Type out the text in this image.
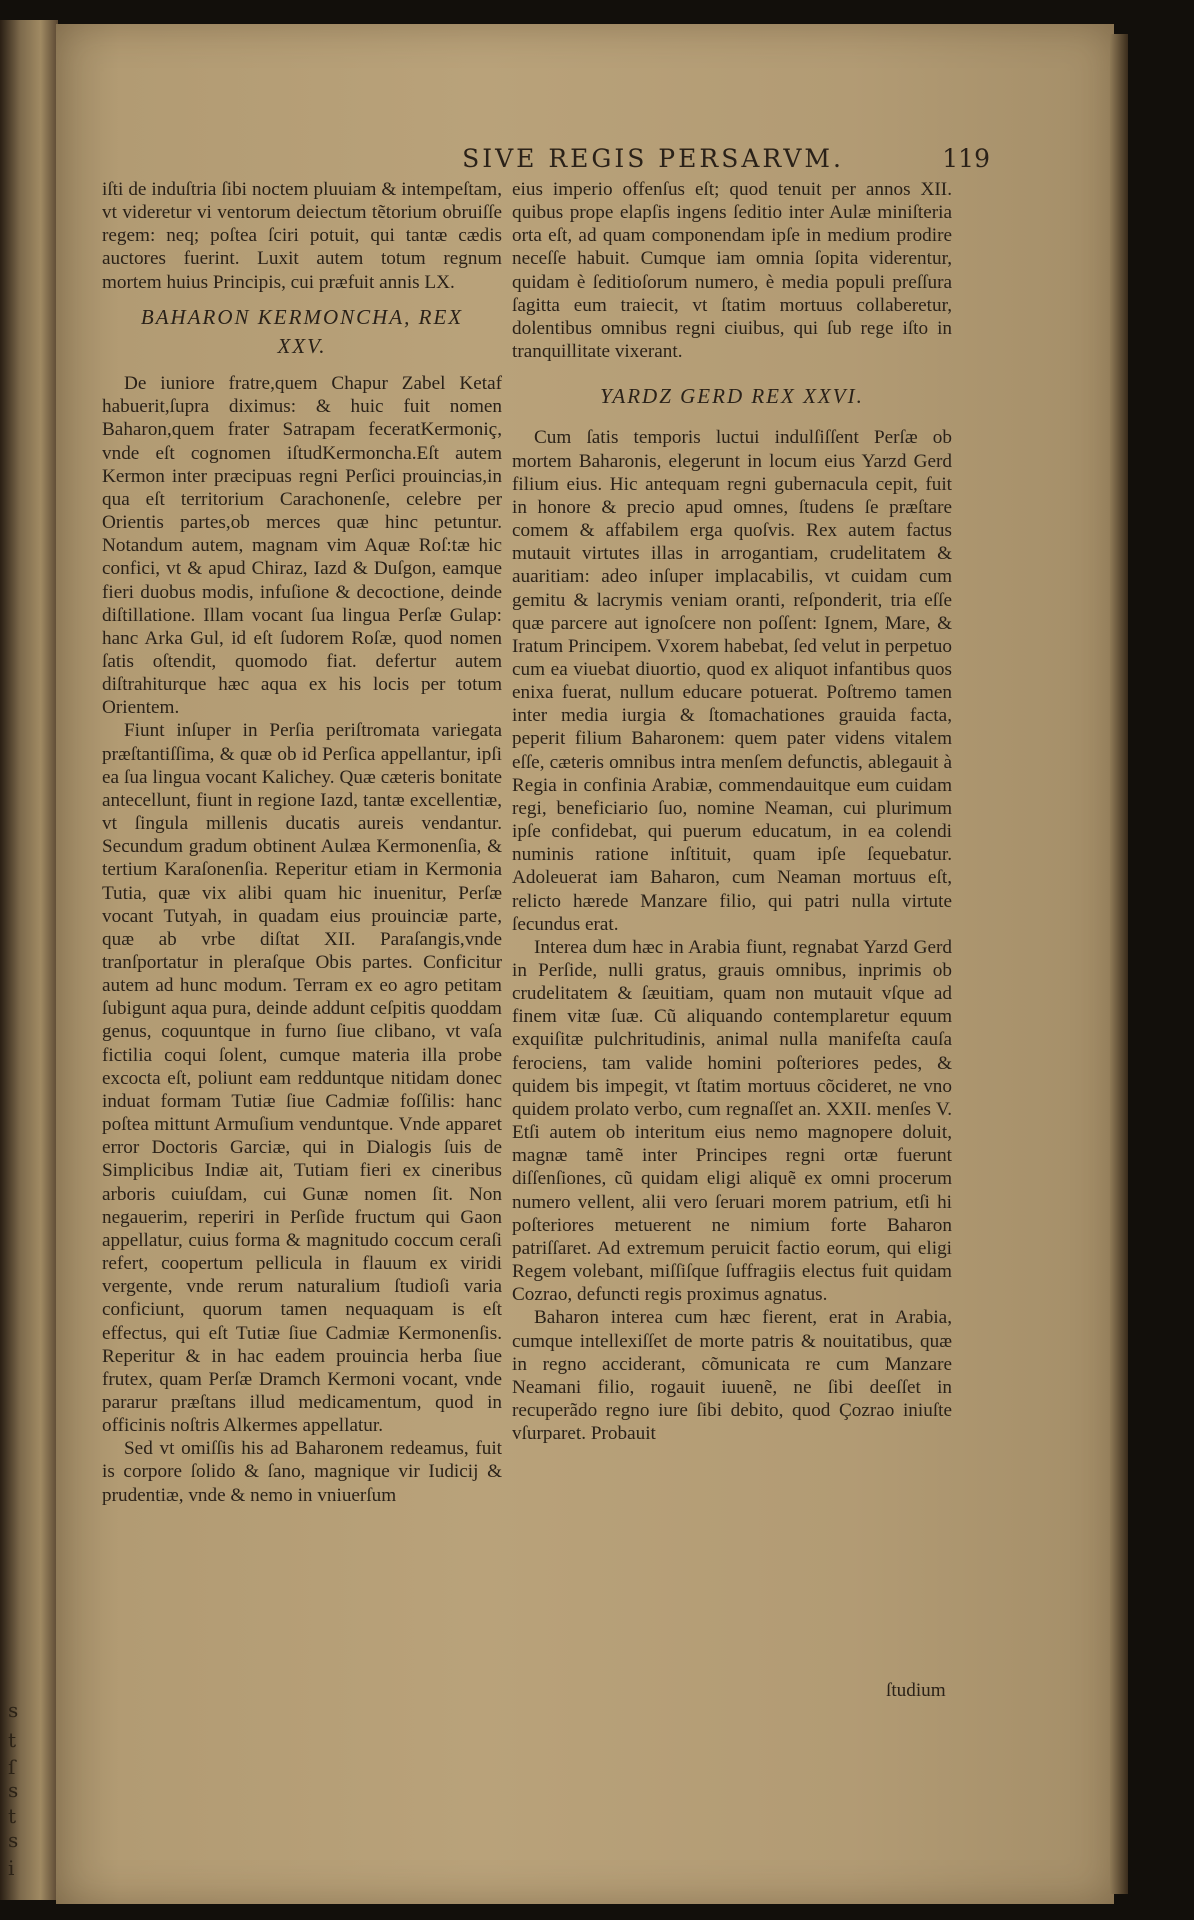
s
t
ſ
s
t
s
i
SIVE REGIS PERSARVM.	119

iſti de induſtria ſibi noctem pluuiam & intempeſtam, vt videretur vi ventorum deiectum tẽtorium obruiſſe regem: neq; poſtea ſciri potuit, qui tantæ cædis auctores fuerint. Luxit autem totum regnum mortem huius Principis, cui præfuit annis LX.

BAHARON KERMONCHA, REX
XXV.

De iuniore fratre,quem Chapur Zabel Ketaf habuerit,ſupra diximus: & huic fuit nomen Baharon,quem frater Satrapam feceratKermoniç, vnde eſt cognomen iſtudKermoncha.Eſt autem Kermon inter præcipuas regni Perſici prouincias,in qua eſt territorium Carachonenſe, celebre per Orientis partes,ob merces quæ hinc petuntur. Notandum autem, magnam vim Aquæ Roſ:tæ hic confici, vt & apud Chiraz, Iazd & Duſgon, eamque fieri duobus modis, infuſione & decoctione, deinde diſtillatione. Illam vocant ſua lingua Perſæ Gulap: hanc Arka Gul, id eſt ſudorem Roſæ, quod nomen ſatis oſtendit, quomodo fiat. defertur autem diſtrahiturque hæc aqua ex his locis per totum Orientem.

Fiunt inſuper in Perſia periſtromata variegata præſtantiſſima, & quæ ob id Perſica appellantur, ipſi ea ſua lingua vocant Kalichey. Quæ cæteris bonitate antecellunt, fiunt in regione Iazd, tantæ excellentiæ, vt ſingula millenis ducatis aureis vendantur. Secundum gradum obtinent Aulæa Kermonenſia, & tertium Karaſonenſia. Reperitur etiam in Kermonia Tutia, quæ vix alibi quam hic inuenitur, Perſæ vocant Tutyah, in quadam eius prouinciæ parte, quæ ab vrbe diſtat XII. Paraſangis,vnde tranſportatur in pleraſque Obis partes. Conficitur autem ad hunc modum. Terram ex eo agro petitam ſubigunt aqua pura, deinde addunt ceſpitis quoddam genus, coquuntque in furno ſiue clibano, vt vaſa fictilia coqui ſolent, cumque materia illa probe excocta eſt, poliunt eam redduntque nitidam donec induat formam Tutiæ ſiue Cadmiæ foſſilis: hanc poſtea mittunt Armuſium venduntque. Vnde apparet error Doctoris Garciæ, qui in Dialogis ſuis de Simplicibus Indiæ ait, Tutiam fieri ex cineribus arboris cuiuſdam, cui Gunæ nomen ſit. Non negauerim, reperiri in Perſide fructum qui Gaon appellatur, cuius forma & magnitudo coccum ceraſi refert, coopertum pellicula in flauum ex viridi vergente, vnde rerum naturalium ſtudioſi varia conficiunt, quorum tamen nequaquam is eſt effectus, qui eſt Tutiæ ſiue Cadmiæ Kermonenſis. Reperitur & in hac eadem prouincia herba ſiue frutex, quam Perſæ Dramch Kermoni vocant, vnde pararur præſtans illud medicamentum, quod in officinis noſtris Alkermes appellatur.

Sed vt omiſſis his ad Baharonem redeamus, fuit is corpore ſolido & ſano, magnique vir Iudicij & prudentiæ, vnde & nemo in vniuerſum

eius imperio offenſus eſt; quod tenuit per annos XII. quibus prope elapſis ingens ſeditio inter Aulæ miniſteria orta eſt, ad quam componendam ipſe in medium prodire neceſſe habuit. Cumque iam omnia ſopita viderentur, quidam è ſeditioſorum numero, è media populi preſſura ſagitta eum traiecit, vt ſtatim mortuus collaberetur, dolentibus omnibus regni ciuibus, qui ſub rege iſto in tranquillitate vixerant.

YARDZ GERD REX XXVI.

Cum ſatis temporis luctui indulſiſſent Perſæ ob mortem Baharonis, elegerunt in locum eius Yarzd Gerd filium eius. Hic antequam regni gubernacula cepit, fuit in honore & precio apud omnes, ſtudens ſe præſtare comem & affabilem erga quoſvis. Rex autem factus mutauit virtutes illas in arrogantiam, crudelitatem & auaritiam: adeo inſuper implacabilis, vt cuidam cum gemitu & lacrymis veniam oranti, reſponderit, tria eſſe quæ parcere aut ignoſcere non poſſent: Ignem, Mare, & Iratum Principem. Vxorem habebat, ſed velut in perpetuo cum ea viuebat diuortio, quod ex aliquot infantibus quos enixa fuerat, nullum educare potuerat. Poſtremo tamen inter media iurgia & ſtomachationes grauida facta, peperit filium Baharonem: quem pater videns vitalem eſſe, cæteris omnibus intra menſem defunctis, ablegauit à Regia in confinia Arabiæ, commendauitque eum cuidam regi, beneficiario ſuo, nomine Neaman, cui plurimum ipſe confidebat, qui puerum educatum, in ea colendi numinis ratione inſtituit, quam ipſe ſequebatur. Adoleuerat iam Baharon, cum Neaman mortuus eſt, relicto hærede Manzare filio, qui patri nulla virtute ſecundus erat.

Interea dum hæc in Arabia fiunt, regnabat Yarzd Gerd in Perſide, nulli gratus, grauis omnibus, inprimis ob crudelitatem & ſæuitiam, quam non mutauit vſque ad finem vitæ ſuæ. Cũ aliquando contemplaretur equum exquiſitæ pulchritudinis, animal nulla manifeſta cauſa ferociens, tam valide homini poſteriores pedes, & quidem bis impegit, vt ſtatim mortuus cõcideret, ne vno quidem prolato verbo, cum regnaſſet an. XXII. menſes V. Etſi autem ob interitum eius nemo magnopere doluit, magnæ tamẽ inter Principes regni ortæ fuerunt diſſenſiones, cũ quidam eligi aliquẽ ex omni procerum numero vellent, alii vero ſeruari morem patrium, etſi hi poſteriores metuerent ne nimium forte Baharon patriſſaret. Ad extremum peruicit factio eorum, qui eligi Regem volebant, miſſiſque ſuffragiis electus fuit quidam Cozrao, defuncti regis proximus agnatus.

Baharon interea cum hæc fierent, erat in Arabia, cumque intellexiſſet de morte patris & nouitatibus, quæ in regno acciderant, cõmunicata re cum Manzare Neamani filio, rogauit iuuenẽ, ne ſibi deeſſet in recuperãdo regno iure ſibi debito, quod Çozrao iniuſte vſurparet. Probauit

ſtudium
